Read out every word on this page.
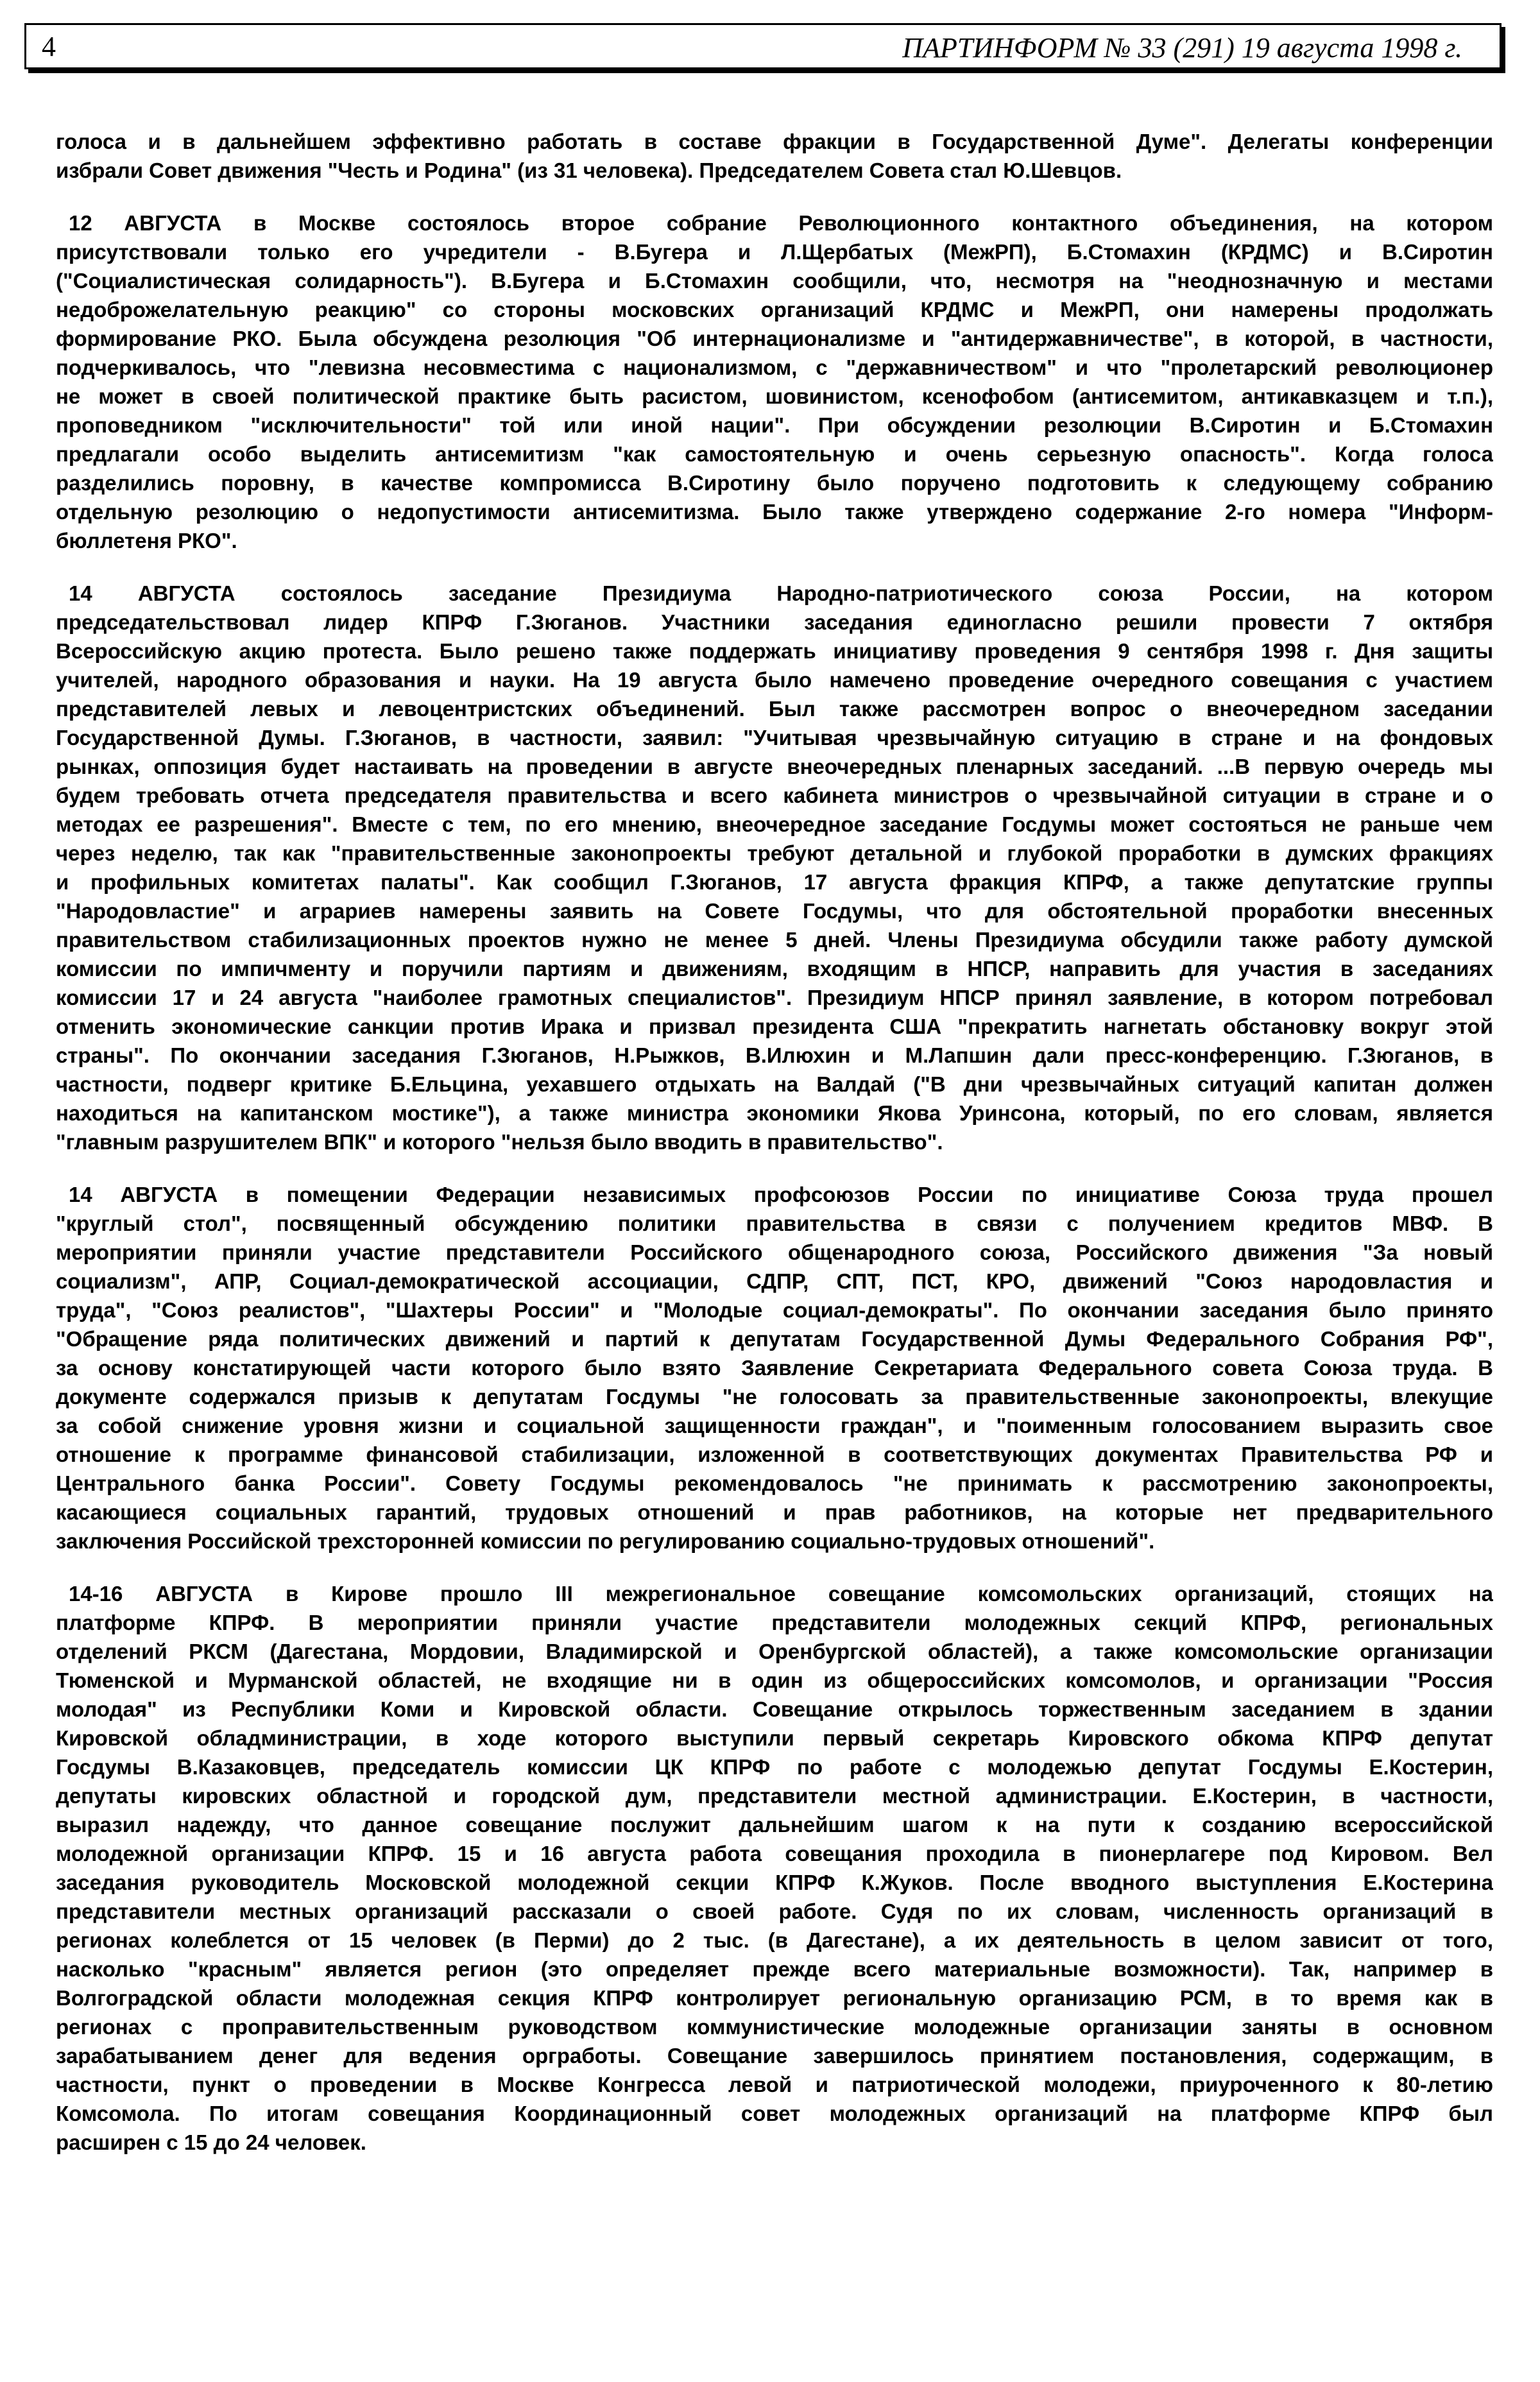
4	ПАРТИНФОРМ № 33 (291) 19 августа 1998 г.
голоса и в дальнейшем эффективно работать в составе фракции в Государственной Думе". Делегаты конференции
избрали Совет движения "Честь и Родина" (из 31 человека). Председателем Совета стал Ю.Шевцов.
12 АВГУСТА в Москве состоялось второе собрание Революционного контактного объединения, на котором
присутствовали только его учредители - В.Бугера и Л.Щербатых (МежРП), Б.Стомахин (КРДМС) и В.Сиротин
("Социалистическая солидарность"). В.Бугера и Б.Стомахин сообщили, что, несмотря на "неоднозначную и местами
недоброжелательную реакцию" со стороны московских организаций КРДМС и МежРП, они намерены продолжать
формирование РКО. Была обсуждена резолюция "Об интернационализме и "антидержавничестве", в которой, в частности,
подчеркивалось, что "левизна несовместима с национализмом, с "державничеством" и что "пролетарский революционер
не может в своей политической практике быть расистом, шовинистом, ксенофобом (антисемитом, антикавказцем и т.п.),
проповедником "исключительности" той или иной нации". При обсуждении резолюции В.Сиротин и Б.Стомахин
предлагали особо выделить антисемитизм "как самостоятельную и очень серьезную опасность". Когда голоса
разделились поровну, в качестве компромисса В.Сиротину было поручено подготовить к следующему собранию
отдельную резолюцию о недопустимости антисемитизма. Было также утверждено содержание 2-го номера "Информ-
бюллетеня РКО".
14 АВГУСТА состоялось заседание Президиума Народно-патриотического союза России, на котором
председательствовал лидер КПРФ Г.Зюганов. Участники заседания единогласно решили провести 7 октября
Всероссийскую акцию протеста. Было решено также поддержать инициативу проведения 9 сентября 1998 г. Дня защиты
учителей, народного образования и науки. На 19 августа было намечено проведение очередного совещания с участием
представителей левых и левоцентристских объединений. Был также рассмотрен вопрос о внеочередном заседании
Государственной Думы. Г.Зюганов, в частности, заявил: "Учитывая чрезвычайную ситуацию в стране и на фондовых
рынках, оппозиция будет настаивать на проведении в августе внеочередных пленарных заседаний. ...В первую очередь мы
будем требовать отчета председателя правительства и всего кабинета министров о чрезвычайной ситуации в стране и о
методах ее разрешения". Вместе с тем, по его мнению, внеочередное заседание Госдумы может состояться не раньше чем
через неделю, так как "правительственные законопроекты требуют детальной и глубокой проработки в думских фракциях
и профильных комитетах палаты". Как сообщил Г.Зюганов, 17 августа фракция КПРФ, а также депутатские группы
"Народовластие" и аграриев намерены заявить на Совете Госдумы, что для обстоятельной проработки внесенных
правительством стабилизационных проектов нужно не менее 5 дней. Члены Президиума обсудили также работу думской
комиссии по импичменту и поручили партиям и движениям, входящим в НПСР, направить для участия в заседаниях
комиссии 17 и 24 августа "наиболее грамотных специалистов". Президиум НПСР принял заявление, в котором потребовал
отменить экономические санкции против Ирака и призвал президента США "прекратить нагнетать обстановку вокруг этой
страны". По окончании заседания Г.Зюганов, Н.Рыжков, В.Илюхин и М.Лапшин дали пресс-конференцию. Г.Зюганов, в
частности, подверг критике Б.Ельцина, уехавшего отдыхать на Валдай ("В дни чрезвычайных ситуаций капитан должен
находиться на капитанском мостике"), а также министра экономики Якова Уринсона, который, по его словам, является
"главным разрушителем ВПК" и которого "нельзя было вводить в правительство".
14 АВГУСТА в помещении Федерации независимых профсоюзов России по инициативе Союза труда прошел
"круглый стол", посвященный обсуждению политики правительства в связи с получением кредитов МВФ. В
мероприятии приняли участие представители Российского общенародного союза, Российского движения "За новый
социализм", АПР, Социал-демократической ассоциации, СДПР, СПТ, ПСТ, КРО, движений "Союз народовластия и
труда", "Союз реалистов", "Шахтеры России" и "Молодые социал-демократы". По окончании заседания было принято
"Обращение ряда политических движений и партий к депутатам Государственной Думы Федерального Собрания РФ",
за основу констатирующей части которого было взято Заявление Секретариата Федерального совета Союза труда. В
документе содержался призыв к депутатам Госдумы "не голосовать за правительственные законопроекты, влекущие
за собой снижение уровня жизни и социальной защищенности граждан", и "поименным голосованием выразить свое
отношение к программе финансовой стабилизации, изложенной в соответствующих документах Правительства РФ и
Центрального банка России". Совету Госдумы рекомендовалось "не принимать к рассмотрению законопроекты,
касающиеся социальных гарантий, трудовых отношений и прав работников, на которые нет предварительного
заключения Российской трехсторонней комиссии по регулированию социально-трудовых отношений".
14-16 АВГУСТА в Кирове прошло III межрегиональное совещание комсомольских организаций, стоящих на
платформе КПРФ. В мероприятии приняли участие представители молодежных секций КПРФ, региональных
отделений РКСМ (Дагестана, Мордовии, Владимирской и Оренбургской областей), а также комсомольские организации
Тюменской и Мурманской областей, не входящие ни в один из общероссийских комсомолов, и организации "Россия
молодая" из Республики Коми и Кировской области. Совещание открылось торжественным заседанием в здании
Кировской обладминистрации, в ходе которого выступили первый секретарь Кировского обкома КПРФ депутат
Госдумы В.Казаковцев, председатель комиссии ЦК КПРФ по работе с молодежью депутат Госдумы Е.Костерин,
депутаты кировских областной и городской дум, представители местной администрации. Е.Костерин, в частности,
выразил надежду, что данное совещание послужит дальнейшим шагом к на пути к созданию всероссийской
молодежной организации КПРФ. 15 и 16 августа работа совещания проходила в пионерлагере под Кировом. Вел
заседания руководитель Московской молодежной секции КПРФ К.Жуков. После вводного выступления Е.Костерина
представители местных организаций рассказали о своей работе. Судя по их словам, численность организаций в
регионах колеблется от 15 человек (в Перми) до 2 тыс. (в Дагестане), а их деятельность в целом зависит от того,
насколько "красным" является регион (это определяет прежде всего материальные возможности). Так, например в
Волгоградской области молодежная секция КПРФ контролирует региональную организацию РСМ, в то время как в
регионах с проправительственным руководством коммунистические молодежные организации заняты в основном
зарабатыванием денег для ведения оргработы. Совещание завершилось принятием постановления, содержащим, в
частности, пункт о проведении в Москве Конгресса левой и патриотической молодежи, приуроченного к 80-летию
Комсомола. По итогам совещания Координационный совет молодежных организаций на платформе КПРФ был
расширен с 15 до 24 человек.
